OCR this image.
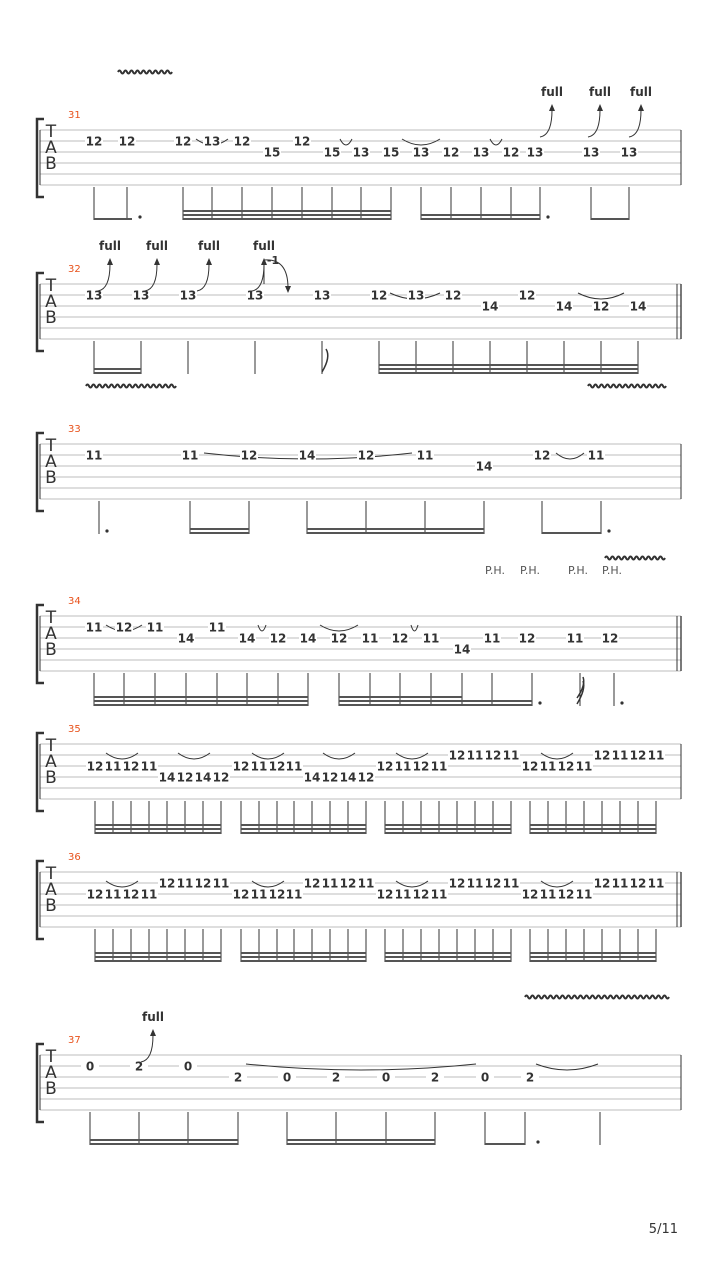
T
A
B
31
12 12	12 13 12
15
12
15 13 15 13 12 13 12 13	13 13
full full full
T
A
B
32
13	13	13	13	13	12 13 12
14
12
14 12 14
full full	full	full
-1
T
A
B
33
11	11	12	14	12	11
14
12	11
T
A
B
34
11 12 11
14
11
14 12 14 12 11 12 11
14
11 12	11 12
P.H. P.H.	P.H. P.H.
T
A
B
35
12 11 12 11
14 12 14 12
12 11 12 11
14 12 14 12
12 11 12 11
12 11 12 11
12 11 12 11
12 11 12 11
T
A
B
36
12 11 12 11
12 11 12 11
12 11 12 11
12 11 12 11
12 11 12 11
12 11 12 11
12 11 12 11
12 11 12 11
T
A
B
37
0	2	0
2	0	2	0	2	0	2
full
5/11
